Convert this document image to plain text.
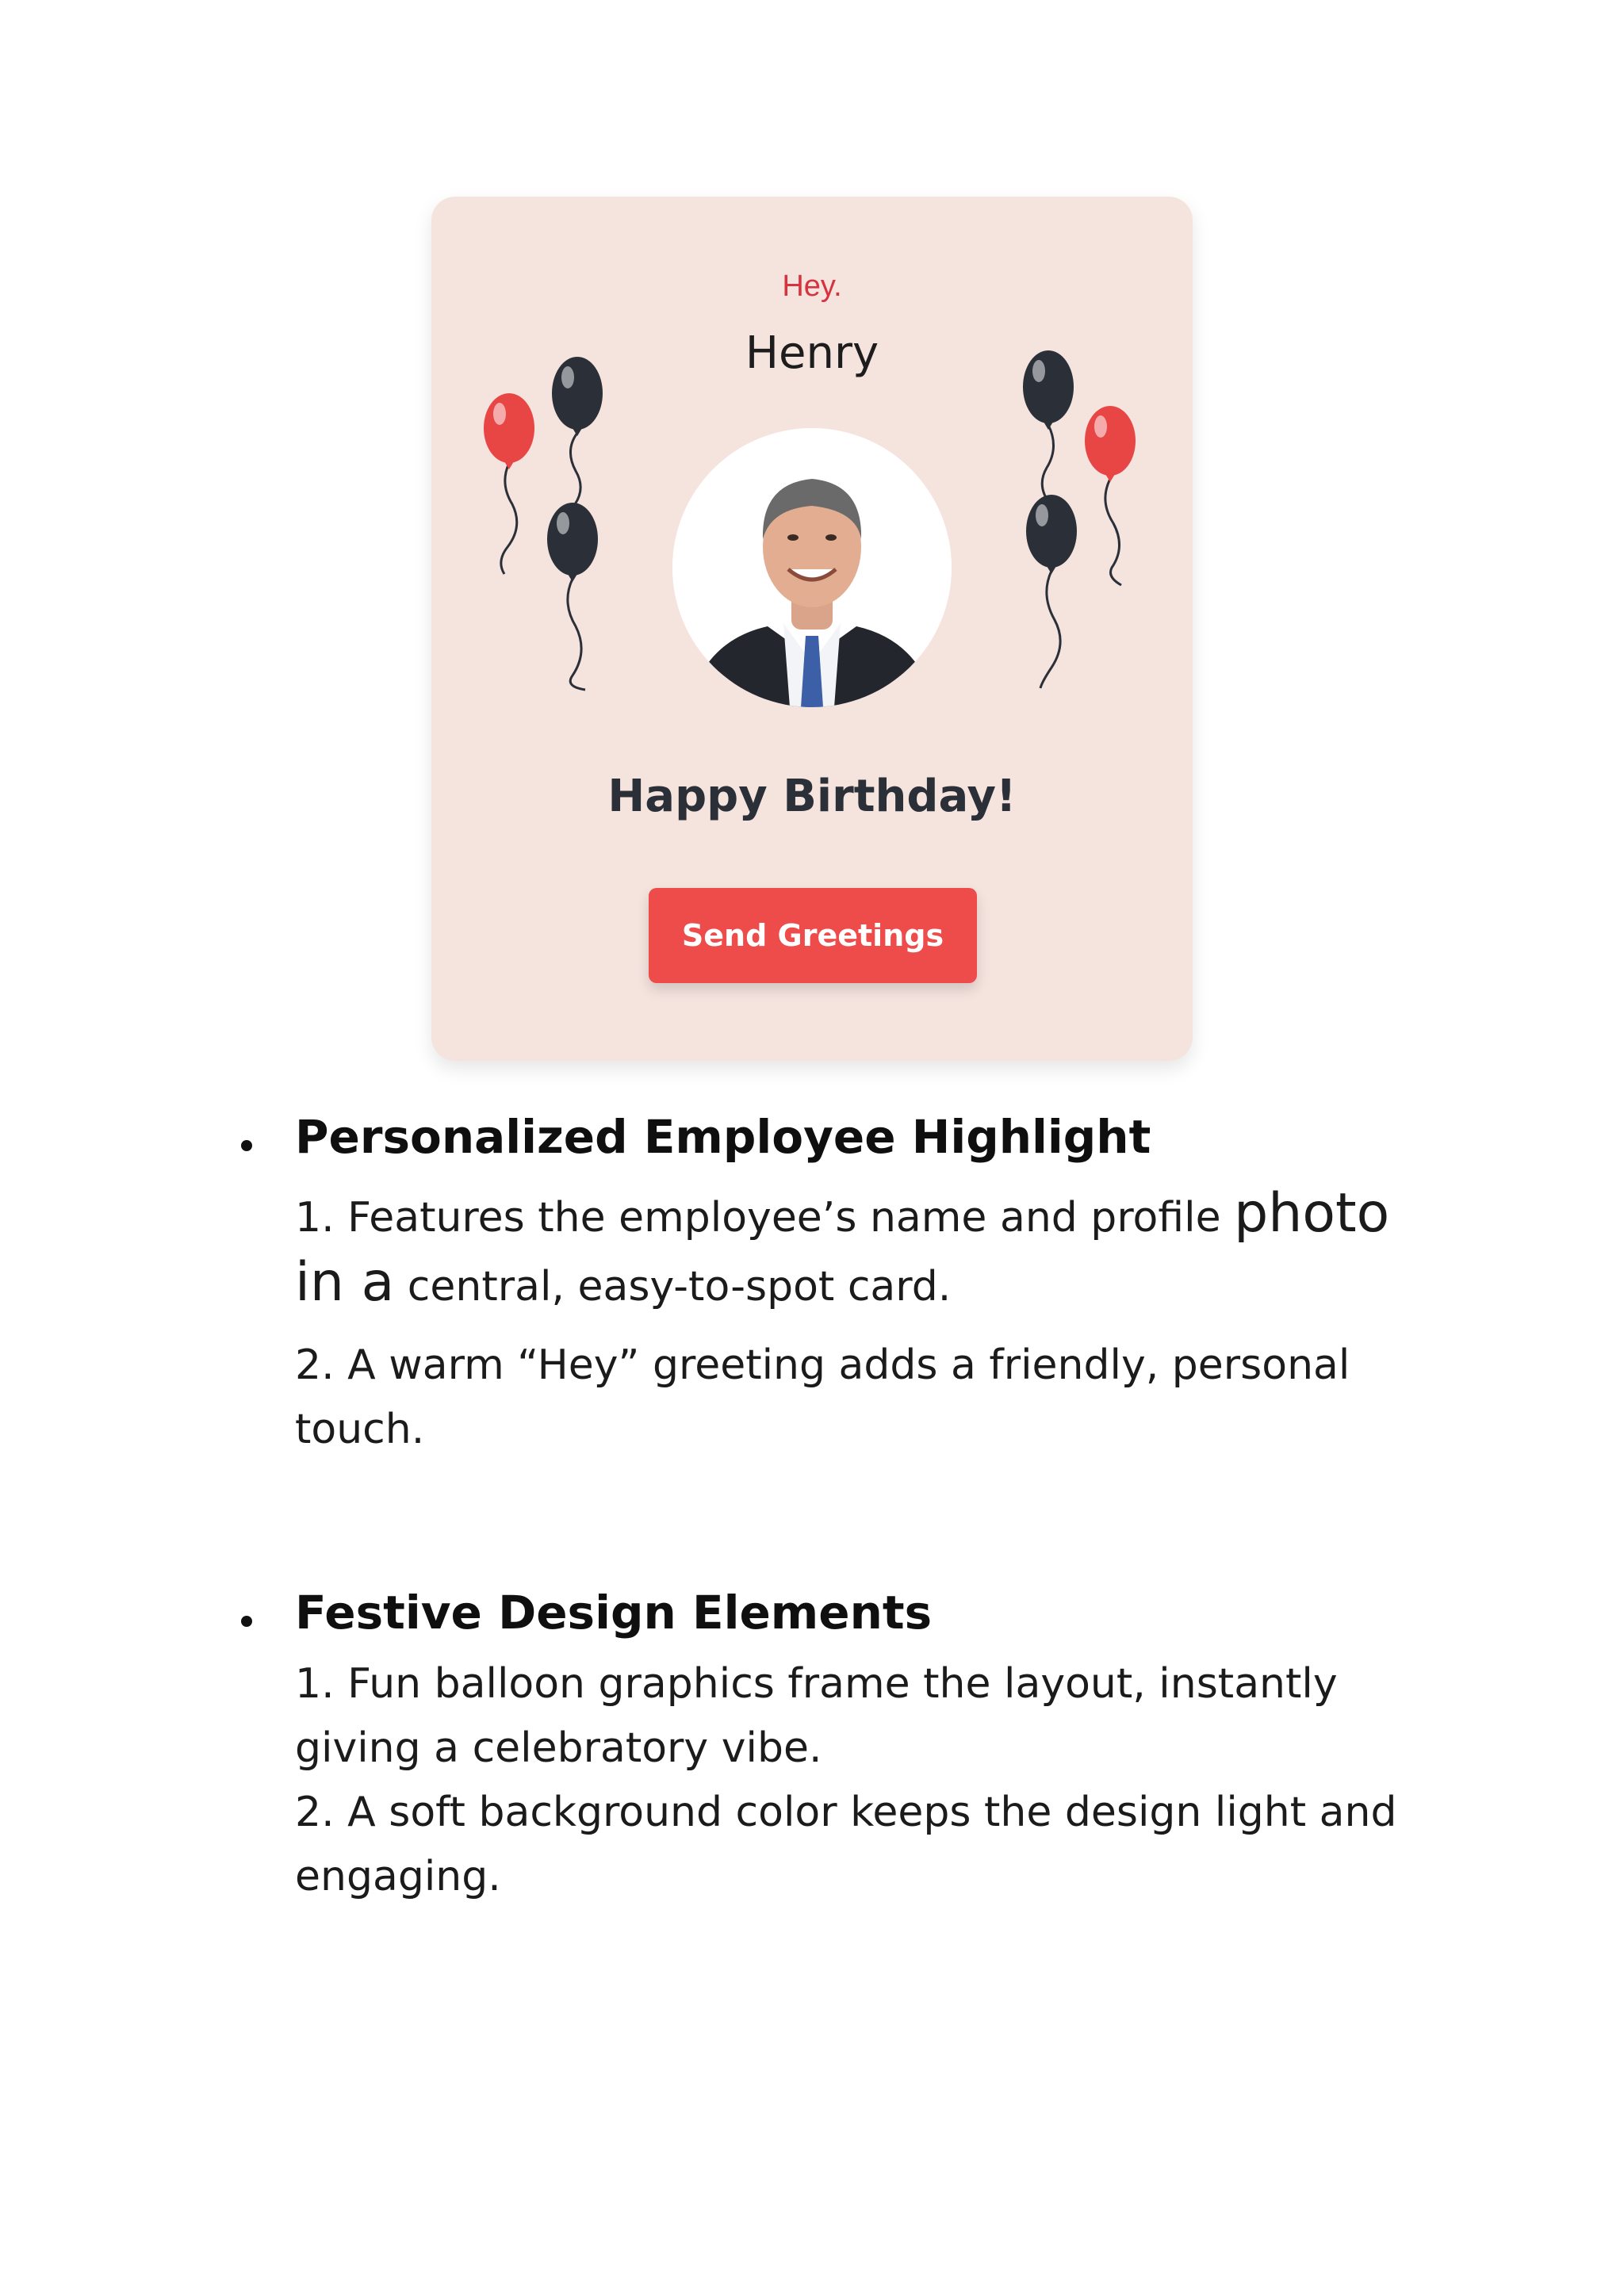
Hey.
Henry
Happy Birthday!
Send Greetings
Personalized Employee Highlight
1. Features the employee’s name and profile photo in a central, easy-to-spot card.
2. A warm “Hey” greeting adds a friendly, personal touch.
Festive Design Elements
1. Fun balloon graphics frame the layout, instantly giving a celebratory vibe.
2. A soft background color keeps the design light and engaging.
